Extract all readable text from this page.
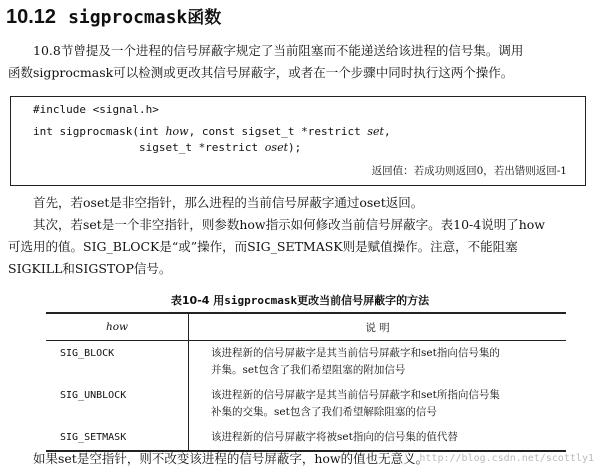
10.12 sigprocmask 函数
10.8节曾提及一个进程的信号屏蔽字规定了当前阻塞而不能递送给该进程的信号集。调用
函数sigprocmask可以检测或更改其信号屏蔽字，或者在一个步骤中同时执行这两个操作。
#include <signal.h>
int sigprocmask(int how, const sigset_t *restrict set,
sigset_t *restrict oset);
返回值：若成功则返回0，若出错则返回-1
首先，若oset是非空指针，那么进程的当前信号屏蔽字通过oset返回。
其次，若set是一个非空指针，则参数how指示如何修改当前信号屏蔽字。表10-4说明了how
可选用的值。SIG_BLOCK是“或”操作，而SIG_SETMASK则是赋值操作。注意，不能阻塞
SIGKILL和SIGSTOP信号。
表10-4 用sigprocmask更改当前信号屏蔽字的方法
how	说 明
SIG_BLOCK	该进程新的信号屏蔽字是其当前信号屏蔽字和set指向信号集的
并集。set包含了我们希望阻塞的附加信号

SIG_UNBLOCK	该进程新的信号屏蔽字是其当前信号屏蔽字和set所指向信号集
补集的交集。set包含了我们希望解除阻塞的信号

SIG_SETMASK	该进程新的信号屏蔽字将被set指向的信号集的值代替
如果set是空指针，则不改变该进程的信号屏蔽字，how的值也无意义。
http://blog.csdn.net/scottly1
